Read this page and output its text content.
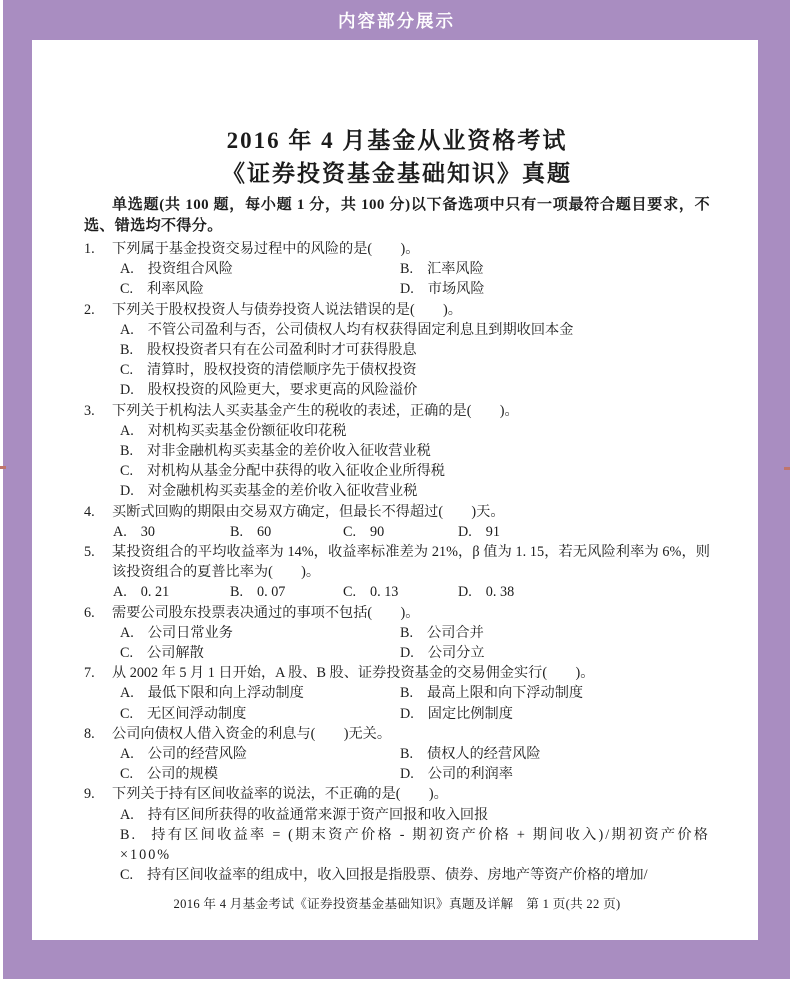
内容部分展示
2016 年 4 月基金从业资格考试
《证券投资基金基础知识》真题

单选题(共 100 题，每小题 1 分，共 100 分)以下备选项中只有一项最符合题目要求，不选、错选均不得分。

1.	下列属于基金投资交易过程中的风险的是(　　)。
A. 投资组合风险	B. 汇率风险
C. 利率风险	D. 市场风险
2.	下列关于股权投资人与债券投资人说法错误的是(　　)。
A. 不管公司盈利与否，公司债权人均有权获得固定利息且到期收回本金
B. 股权投资者只有在公司盈利时才可获得股息
C. 清算时，股权投资的清偿顺序先于债权投资
D. 股权投资的风险更大，要求更高的风险溢价
3.	下列关于机构法人买卖基金产生的税收的表述，正确的是(　　)。
A. 对机构买卖基金份额征收印花税
B. 对非金融机构买卖基金的差价收入征收营业税
C. 对机构从基金分配中获得的收入征收企业所得税
D. 对金融机构买卖基金的差价收入征收营业税
4.	买断式回购的期限由交易双方确定，但最长不得超过(　　)天。
A. 30	B. 60	C. 90	D. 91
5.	某投资组合的平均收益率为 14%，收益率标准差为 21%，β 值为 1. 15，若无风险利率为 6%，则该投资组合的夏普比率为(　　)。
A. 0. 21	B. 0. 07	C. 0. 13	D. 0. 38
6.	需要公司股东投票表决通过的事项不包括(　　)。
A. 公司日常业务	B. 公司合并
C. 公司解散	D. 公司分立
7.	从 2002 年 5 月 1 日开始，A 股、B 股、证券投资基金的交易佣金实行(　　)。
A. 最低下限和向上浮动制度	B. 最高上限和向下浮动制度
C. 无区间浮动制度	D. 固定比例制度
8.	公司向债权人借入资金的利息与(　　)无关。
A. 公司的经营风险	B. 债权人的经营风险
C. 公司的规模	D. 公司的利润率
9.	下列关于持有区间收益率的说法，不正确的是(　　)。
A. 持有区间所获得的收益通常来源于资产回报和收入回报
B. 持有区间收益率 = (期末资产价格 - 期初资产价格 + 期间收入)/期初资产价格 ×100%
C. 持有区间收益率的组成中，收入回报是指股票、债券、房地产等资产价格的增加/
2016 年 4 月基金考试《证券投资基金基础知识》真题及详解　第 1 页(共 22 页)
